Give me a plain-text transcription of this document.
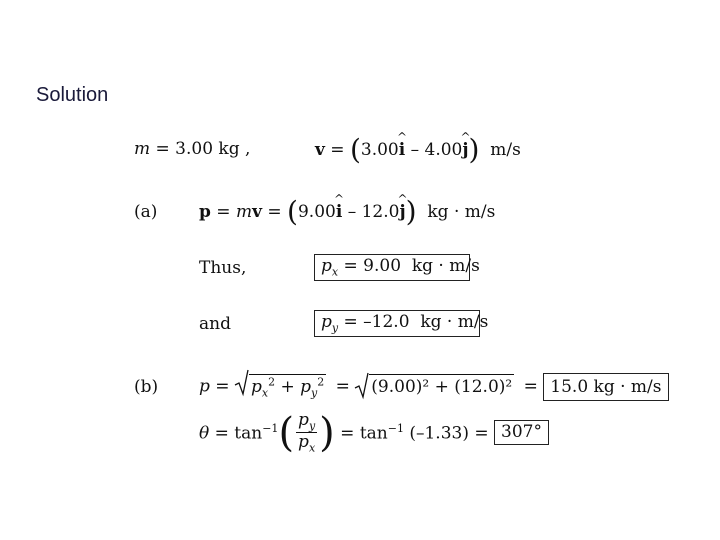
Solution
m = 3.00 kg ,	v = (3.00^ i – 4.00^ j)  m/s
(a) p = mv = (9.00^ i – 12.0^ j)  kg · m/s
Thus,	$p_x = 9.00$  kg · m/s
and	$p_y = -12.0$  kg · m/s
(b) p =
$p_x^2 + p_y^2$ =
(9.00)² + (12.0)² = 15.0 kg · m/s
$\theta = \tan^{-1}$ ( $\frac{p_y}{p_x}$ ) = $\tan^{-1} (-1.33) = 307^\circ$
